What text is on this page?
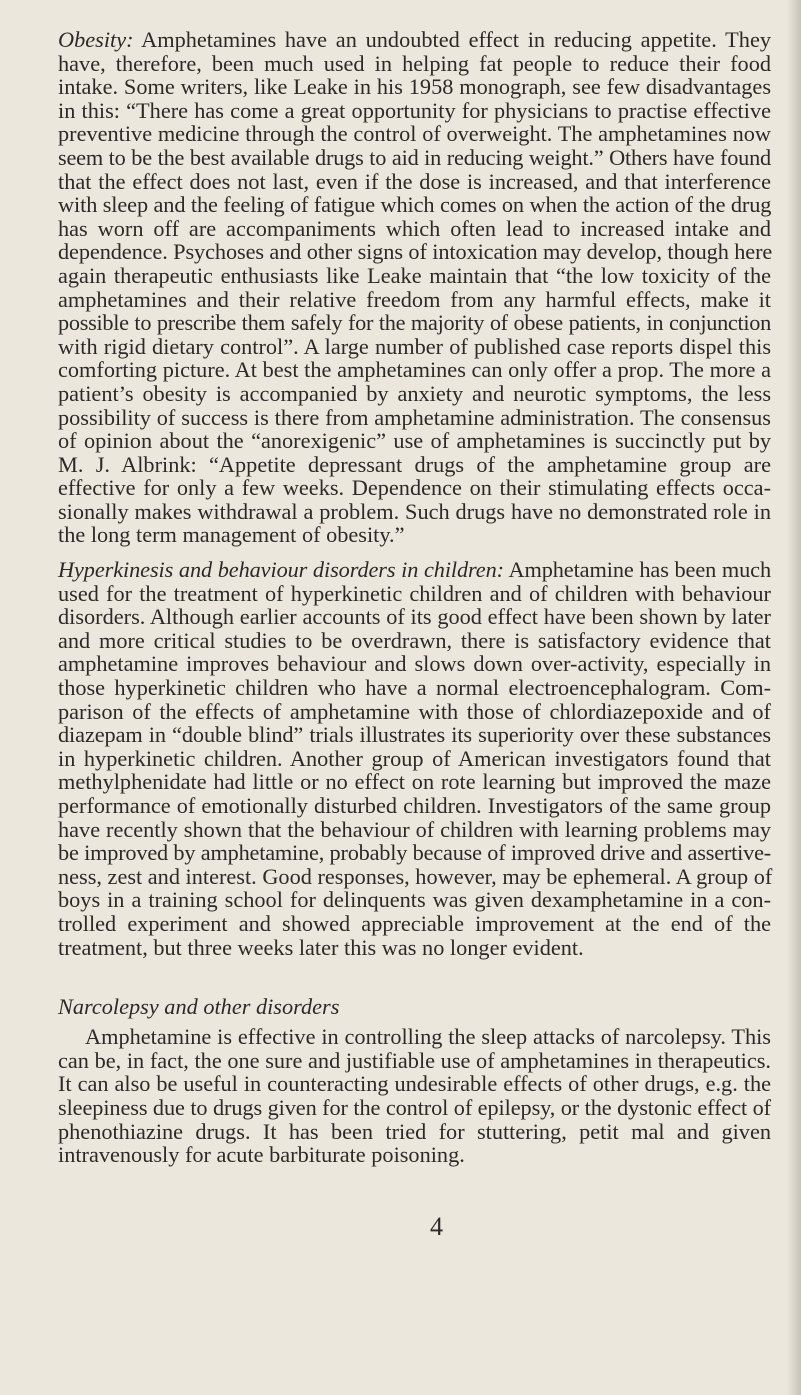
Obesity: Amphetamines have an undoubted effect in reducing appetite. They
have, therefore, been much used in helping fat people to reduce their food
intake. Some writers, like Leake in his 1958 monograph, see few disadvantages
in this: “There has come a great opportunity for physicians to practise effective
preventive medicine through the control of overweight. The amphetamines now
seem to be the best available drugs to aid in reducing weight.” Others have found
that the effect does not last, even if the dose is increased, and that interference
with sleep and the feeling of fatigue which comes on when the action of the drug
has worn off are accompaniments which often lead to increased intake and
dependence. Psychoses and other signs of intoxication may develop, though here
again therapeutic enthusiasts like Leake maintain that “the low toxicity of the
amphetamines and their relative freedom from any harmful effects, make it
possible to prescribe them safely for the majority of obese patients, in conjunction
with rigid dietary control”. A large number of published case reports dispel this
comforting picture. At best the amphetamines can only offer a prop. The more a
patient’s obesity is accompanied by anxiety and neurotic symptoms, the less
possibility of success is there from amphetamine administration. The consensus
of opinion about the “anorexigenic” use of amphetamines is succinctly put by
M. J. Albrink: “Appetite depressant drugs of the amphetamine group are
effective for only a few weeks. Dependence on their stimulating effects occa-
sionally makes withdrawal a problem. Such drugs have no demonstrated role in
the long term management of obesity.”
Hyperkinesis and behaviour disorders in children: Amphetamine has been much
used for the treatment of hyperkinetic children and of children with behaviour
disorders. Although earlier accounts of its good effect have been shown by later
and more critical studies to be overdrawn, there is satisfactory evidence that
amphetamine improves behaviour and slows down over-activity, especially in
those hyperkinetic children who have a normal electroencephalogram. Com-
parison of the effects of amphetamine with those of chlordiazepoxide and of
diazepam in “double blind” trials illustrates its superiority over these substances
in hyperkinetic children. Another group of American investigators found that
methylphenidate had little or no effect on rote learning but improved the maze
performance of emotionally disturbed children. Investigators of the same group
have recently shown that the behaviour of children with learning problems may
be improved by amphetamine, probably because of improved drive and assertive-
ness, zest and interest. Good responses, however, may be ephemeral. A group of
boys in a training school for delinquents was given dexamphetamine in a con-
trolled experiment and showed appreciable improvement at the end of the
treatment, but three weeks later this was no longer evident.
Narcolepsy and other disorders
Amphetamine is effective in controlling the sleep attacks of narcolepsy. This
can be, in fact, the one sure and justifiable use of amphetamines in therapeutics.
It can also be useful in counteracting undesirable effects of other drugs, e.g. the
sleepiness due to drugs given for the control of epilepsy, or the dystonic effect of
phenothiazine drugs. It has been tried for stuttering, petit mal and given
intravenously for acute barbiturate poisoning.
4
